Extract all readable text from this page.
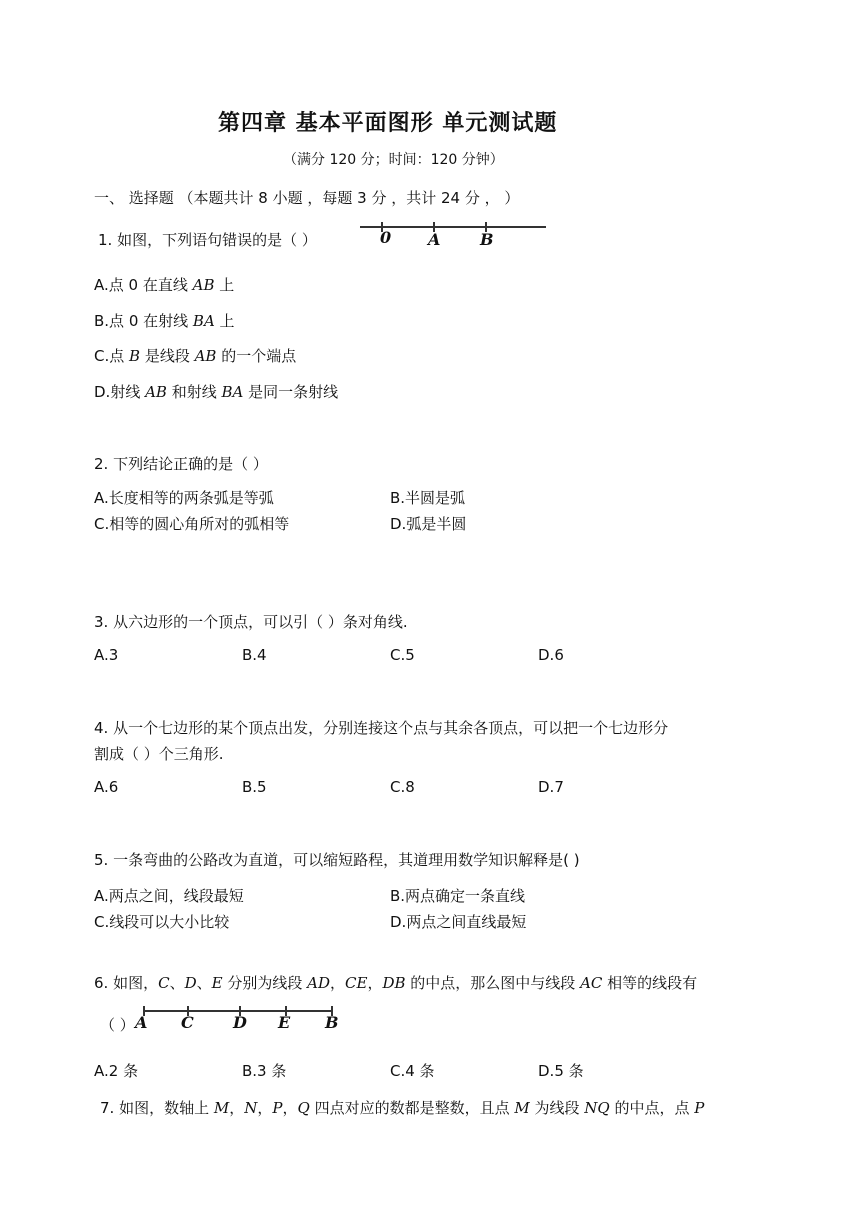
第四章 基本平面图形 单元测试题
（满分 120 分；时间：120 分钟）
一、 选择题 （本题共计 8 小题 ，每题 3 分 ，共计 24 分 ， ）
1. 如图，下列语句错误的是（ ）	0 A B
A.点 0 在直线 AB 上
B.点 0 在射线 BA 上
C.点 B 是线段 AB 的一个端点
D.射线 AB 和射线 BA 是同一条射线
2. 下列结论正确的是（ ）
A.长度相等的两条弧是等弧	B.半圆是弧
C.相等的圆心角所对的弧相等	D.弧是半圆
3. 从六边形的一个顶点，可以引（ ）条对角线.
A.3	B.4	C.5	D.6
4. 从一个七边形的某个顶点出发，分别连接这个点与其余各顶点，可以把一个七边形分
割成（ ）个三角形.
A.6	B.5	C.8	D.7
5. 一条弯曲的公路改为直道，可以缩短路程，其道理用数学知识解释是( )
A.两点之间，线段最短	B.两点确定一条直线
C.线段可以大小比较	D.两点之间直线最短
6. 如图，C、D、E 分别为线段 AD，CE，DB 的中点，那么图中与线段 AC 相等的线段有
（ ） A C D E B
A.2 条	B.3 条	C.4 条	D.5 条
7. 如图，数轴上 M，N，P，Q 四点对应的数都是整数，且点 M 为线段 NQ 的中点，点 P
